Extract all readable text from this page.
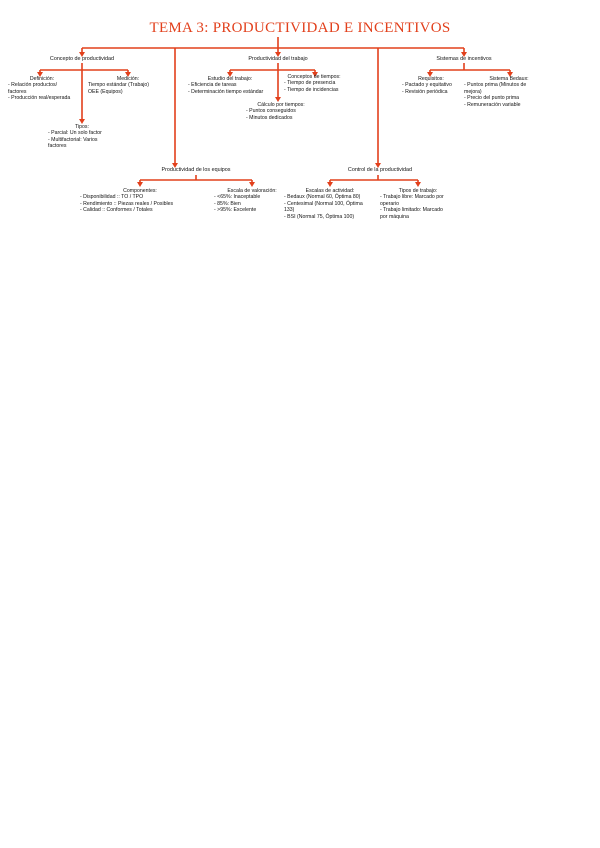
TEMA 3: PRODUCTIVIDAD E INCENTIVOS
Concepto de productividad	Productividad del trabajo	Sistemas de incentivos
Productividad de los equipos	Control de la productividad
Definición:
- Relación productos/
factores
- Producción real/esperada
Medición:
Tiempo estándar (Trabajo)
OEE (Equipos)
Tipos:
- Parcial: Un solo factor
- Multifactorial: Varios
factores
Estudio del trabajo:
- Eficiencia de tareas
- Determinación tiempo estándar
Conceptos de tiempos:
- Tiempo de presencia
- Tiempo de incidencias
Cálculo por tiempos:
- Puntos conseguidos
- Minutos dedicados
Requisitos:
- Pactado y equitativo
- Revisión periódica
Sistema Bedaux:
- Puntos prima (Minutos de
mejora)
- Precio del punto prima
- Remuneración variable
Componentes:
- Disponibilidad :: TO / TPO
- Rendimiento :: Piezas reales / Posibles
- Calidad :: Conformes / Totales
Escala de valoración:
- <65%: Inaceptable
- 85%: Bien
- >95%: Excelente
Escalas de actividad:
- Bedaux (Normal 60, Óptima 80)
- Centesimal (Normal 100, Óptima
133)
- BSI (Normal 75, Óptima 100)
Tipos de trabajo:
- Trabajo libre: Marcado por
operario
- Trabajo limitado: Marcado
por máquina
